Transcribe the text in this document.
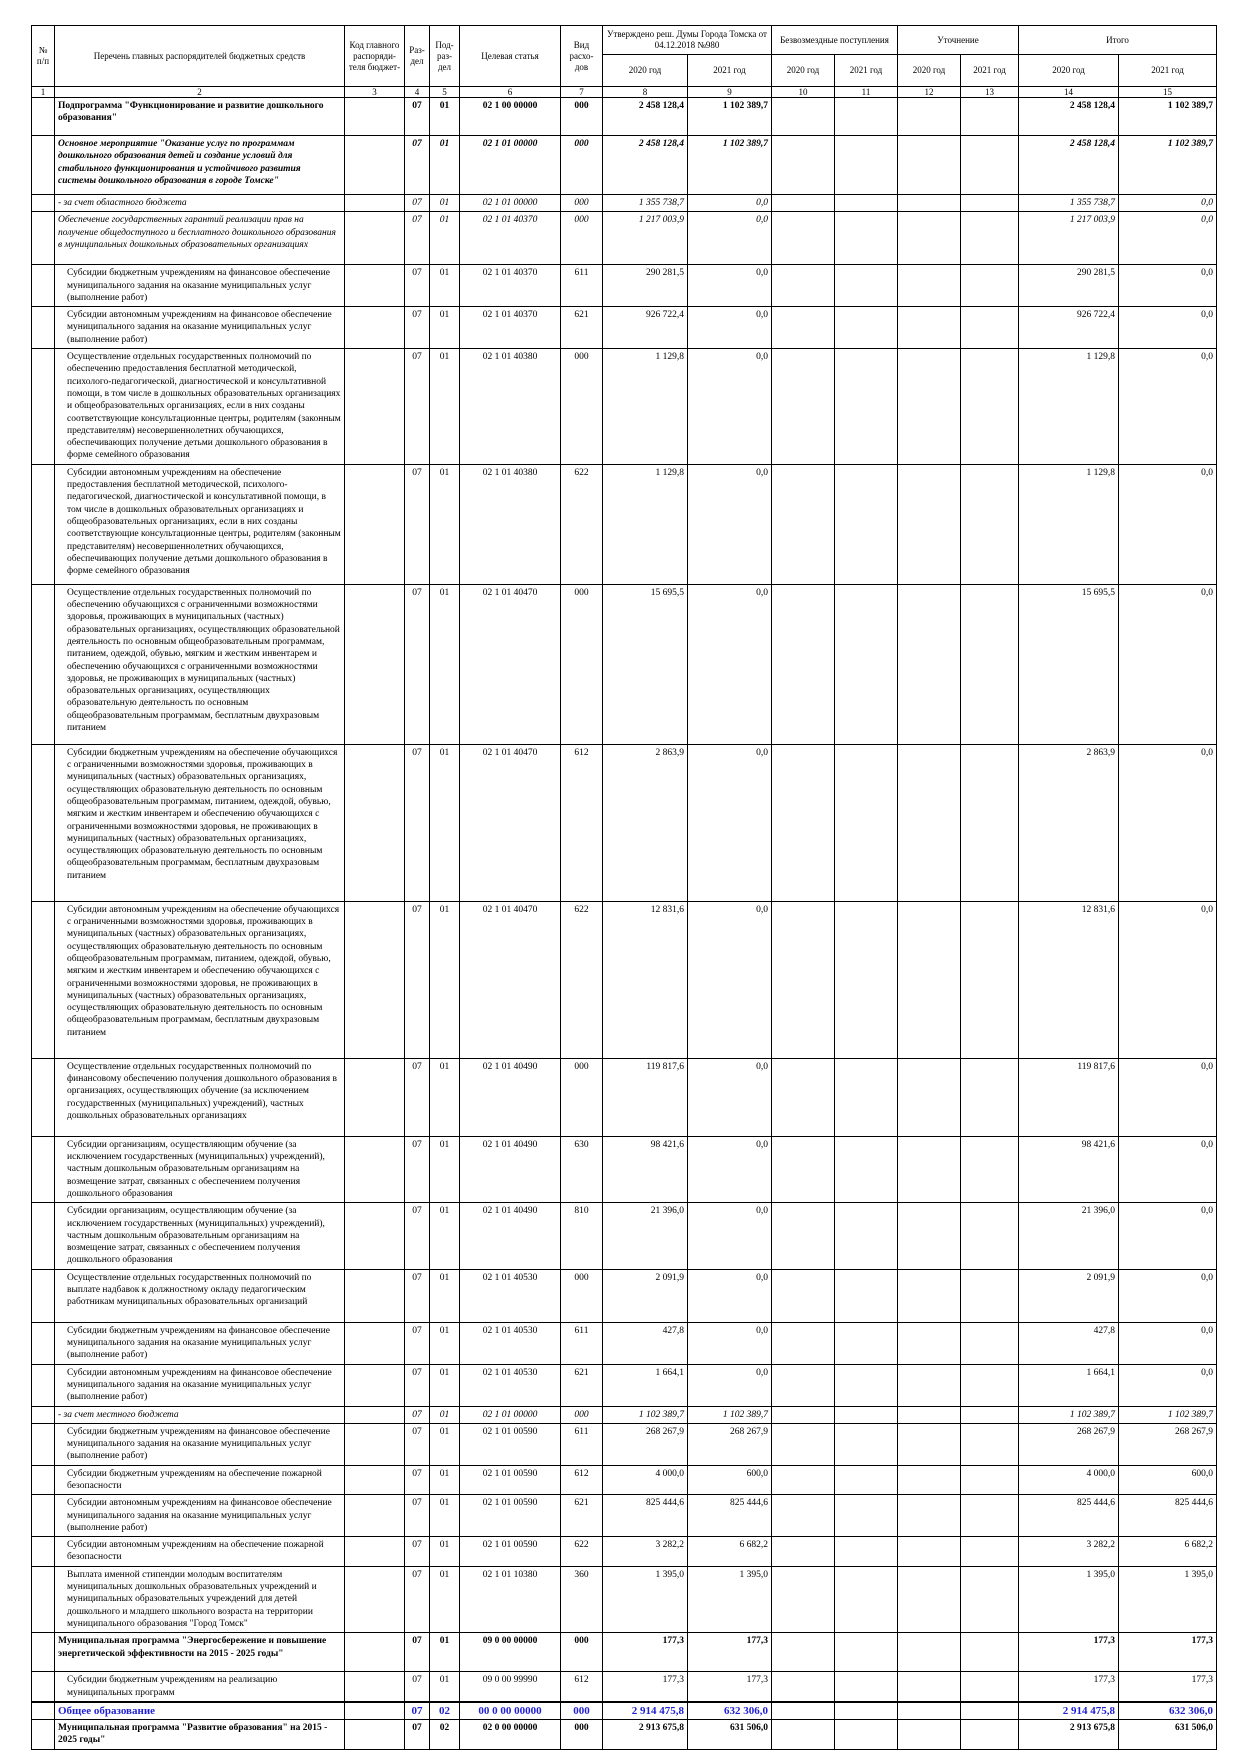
№ п/п	Перечень главных распорядителей бюджетных средств	Код главного распоряди-теля бюджет-	Раз-дел	Под-раз-дел	Целевая статья	Вид расхо-дов	Утверждено реш. Думы Города Томска от 04.12.2018 №980		Безвозмездные поступления		Уточнение		Итого	
							2020 год	2021 год	2020 год	2021 год	2020 год	2021 год	2020 год	2021 год
1	2	3	4	5	6	7	8	9	10	11	12	13	14	15
	Подпрограмма "Функционирование и развитие дошкольного образования"		07	01	02 1 00 00000	000	2 458 128,4	1 102 389,7					2 458 128,4	1 102 389,7
	Основное мероприятие "Оказание услуг по программам дошкольного образования детей и создание условий для стабильного функционирования и устойчивого развития системы дошкольного образования в городе Томске"		07	01	02 1 01 00000	000	2 458 128,4	1 102 389,7					2 458 128,4	1 102 389,7
	- за счет областного бюджета		07	01	02 1 01 00000	000	1 355 738,7	0,0					1 355 738,7	0,0
	Обеспечение государственных гарантий реализации прав на получение общедоступного и бесплатного дошкольного образования в муниципальных дошкольных образовательных организациях		07	01	02 1 01 40370	000	1 217 003,9	0,0					1 217 003,9	0,0
	Субсидии бюджетным учреждениям на финансовое обеспечение муниципального задания на оказание муниципальных услуг (выполнение работ)		07	01	02 1 01 40370	611	290 281,5	0,0					290 281,5	0,0
	Субсидии автономным учреждениям на финансовое обеспечение муниципального задания на оказание муниципальных услуг (выполнение работ)		07	01	02 1 01 40370	621	926 722,4	0,0					926 722,4	0,0
	Осуществление отдельных государственных полномочий по обеспечению предоставления бесплатной методической, психолого-педагогической, диагностической и консультативной помощи, в том числе в дошкольных образовательных организациях и общеобразовательных организациях, если в них созданы соответствующие консультационные центры, родителям (законным представителям) несовершеннолетних обучающихся, обеспечивающих получение детьми дошкольного образования в форме семейного образования		07	01	02 1 01 40380	000	1 129,8	0,0					1 129,8	0,0
	Субсидии автономным учреждениям на обеспечение предоставления бесплатной методической, психолого-педагогической, диагностической и консультативной помощи, в том числе в дошкольных образовательных организациях и общеобразовательных организациях, если в них созданы соответствующие консультационные центры, родителям (законным представителям) несовершеннолетних обучающихся, обеспечивающих получение детьми дошкольного образования в форме семейного образования		07	01	02 1 01 40380	622	1 129,8	0,0					1 129,8	0,0
	Осуществление отдельных государственных полномочий по обеспечению обучающихся с ограниченными возможностями здоровья, проживающих в муниципальных (частных) образовательных организациях, осуществляющих образовательной деятельность по основным общеобразовательным программам, питанием, одеждой, обувью, мягким и жестким инвентарем и обеспечению обучающихся с ограниченными возможностями здоровья, не проживающих в муниципальных (частных) образовательных организациях, осуществляющих образовательную деятельность по основным общеобразовательным программам, бесплатным двухразовым питанием		07	01	02 1 01 40470	000	15 695,5	0,0					15 695,5	0,0
	Субсидии бюджетным учреждениям на обеспечение обучающихся с ограниченными возможностями здоровья, проживающих в муниципальных (частных) образовательных организациях, осуществляющих образовательную деятельность по основным общеобразовательным программам, питанием, одеждой, обувью, мягким и жестким инвентарем и обеспечению обучающихся с ограниченными возможностями здоровья, не проживающих в муниципальных (частных) образовательных организациях, осуществляющих образовательную деятельность по основным общеобразовательным программам, бесплатным двухразовым питанием		07	01	02 1 01 40470	612	2 863,9	0,0					2 863,9	0,0
	Субсидии автономным учреждениям на обеспечение обучающихся с ограниченными возможностями здоровья, проживающих в муниципальных (частных) образовательных организациях, осуществляющих образовательную деятельность по основным общеобразовательным программам, питанием, одеждой, обувью, мягким и жестким инвентарем и обеспечению обучающихся с ограниченными возможностями здоровья, не проживающих в муниципальных (частных) образовательных организациях, осуществляющих образовательную деятельность по основным общеобразовательным программам, бесплатным двухразовым питанием		07	01	02 1 01 40470	622	12 831,6	0,0					12 831,6	0,0
	Осуществление отдельных государственных полномочий по финансовому обеспечению получения дошкольного образования в организациях, осуществляющих обучение (за исключением государственных (муниципальных) учреждений), частных дошкольных образовательных организациях		07	01	02 1 01 40490	000	119 817,6	0,0					119 817,6	0,0
	Субсидии организациям, осуществляющим обучение (за исключением государственных (муниципальных) учреждений), частным дошкольным образовательным организациям на возмещение затрат, связанных с обеспечением получения дошкольного образования		07	01	02 1 01 40490	630	98 421,6	0,0					98 421,6	0,0
	Субсидии организациям, осуществляющим обучение (за исключением государственных (муниципальных) учреждений), частным дошкольным образовательным организациям на возмещение затрат, связанных с обеспечением получения дошкольного образования		07	01	02 1 01 40490	810	21 396,0	0,0					21 396,0	0,0
	Осуществление отдельных государственных полномочий по выплате надбавок к должностному окладу педагогическим работникам муниципальных образовательных организаций		07	01	02 1 01 40530	000	2 091,9	0,0					2 091,9	0,0
	Субсидии бюджетным учреждениям на финансовое обеспечение муниципального задания на оказание муниципальных услуг (выполнение работ)		07	01	02 1 01 40530	611	427,8	0,0					427,8	0,0
	Субсидии автономным учреждениям на финансовое обеспечение муниципального задания на оказание муниципальных услуг (выполнение работ)		07	01	02 1 01 40530	621	1 664,1	0,0					1 664,1	0,0
	- за счет местного бюджета		07	01	02 1 01 00000	000	1 102 389,7	1 102 389,7					1 102 389,7	1 102 389,7
	Субсидии бюджетным учреждениям на финансовое обеспечение муниципального задания на оказание муниципальных услуг (выполнение работ)		07	01	02 1 01 00590	611	268 267,9	268 267,9					268 267,9	268 267,9
	Субсидии бюджетным учреждениям на обеспечение пожарной безопасности		07	01	02 1 01 00590	612	4 000,0	600,0					4 000,0	600,0
	Субсидии автономным учреждениям на финансовое обеспечение муниципального задания на оказание муниципальных услуг (выполнение работ)		07	01	02 1 01 00590	621	825 444,6	825 444,6					825 444,6	825 444,6
	Субсидии автономным учреждениям на обеспечение пожарной безопасности		07	01	02 1 01 00590	622	3 282,2	6 682,2					3 282,2	6 682,2
	Выплата именной стипендии молодым воспитателям муниципальных дошкольных образовательных учреждений и муниципальных образовательных учреждений для детей дошкольного и младшего школьного возраста на территории муниципального образования "Город Томск"		07	01	02 1 01 10380	360	1 395,0	1 395,0					1 395,0	1 395,0
	Муниципальная программа "Энергосбережение и повышение энергетической эффективности на 2015 - 2025 годы"		07	01	09 0 00 00000	000	177,3	177,3					177,3	177,3
	Субсидии бюджетным учреждениям на реализацию муниципальных программ		07	01	09 0 00 99990	612	177,3	177,3					177,3	177,3
	Общее образование		07	02	00 0 00 00000	000	2 914 475,8	632 306,0					2 914 475,8	632 306,0
	Муниципальная программа "Развитие образования" на 2015 - 2025 годы"		07	02	02 0 00 00000	000	2 913 675,8	631 506,0					2 913 675,8	631 506,0
